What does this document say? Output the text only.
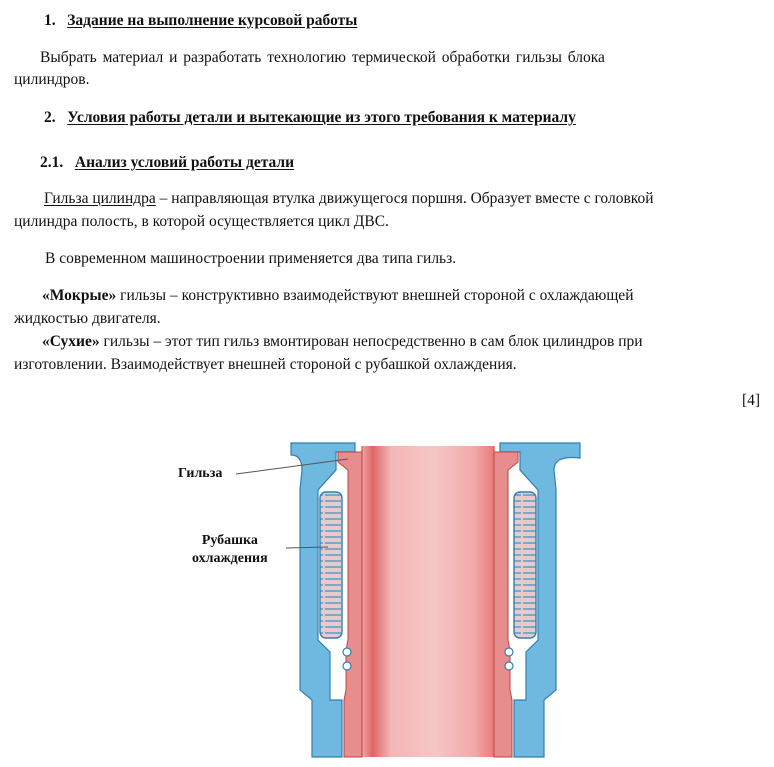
1. Задание на выполнение курсовой работы
Выбрать материал и разработать технологию термической обработки гильзы блока
цилиндров.
2. Условия работы детали и вытекающие из этого требования к материалу
2.1. Анализ условий работы детали
Гильза цилиндра – направляющая втулка движущегося поршня. Образует вместе с головкой
цилиндра полость, в которой осуществляется цикл ДВС.
В современном машиностроении применяется два типа гильз.
«Мокрые» гильзы – конструктивно взаимодействуют внешней стороной с охлаждающей
жидкостью двигателя.
«Сухие» гильзы – этот тип гильз вмонтирован непосредственно в сам блок цилиндров при
изготовлении. Взаимодействует внешней стороной с рубашкой охлаждения.
[4]
Гильза
Рубашка
охлаждения
